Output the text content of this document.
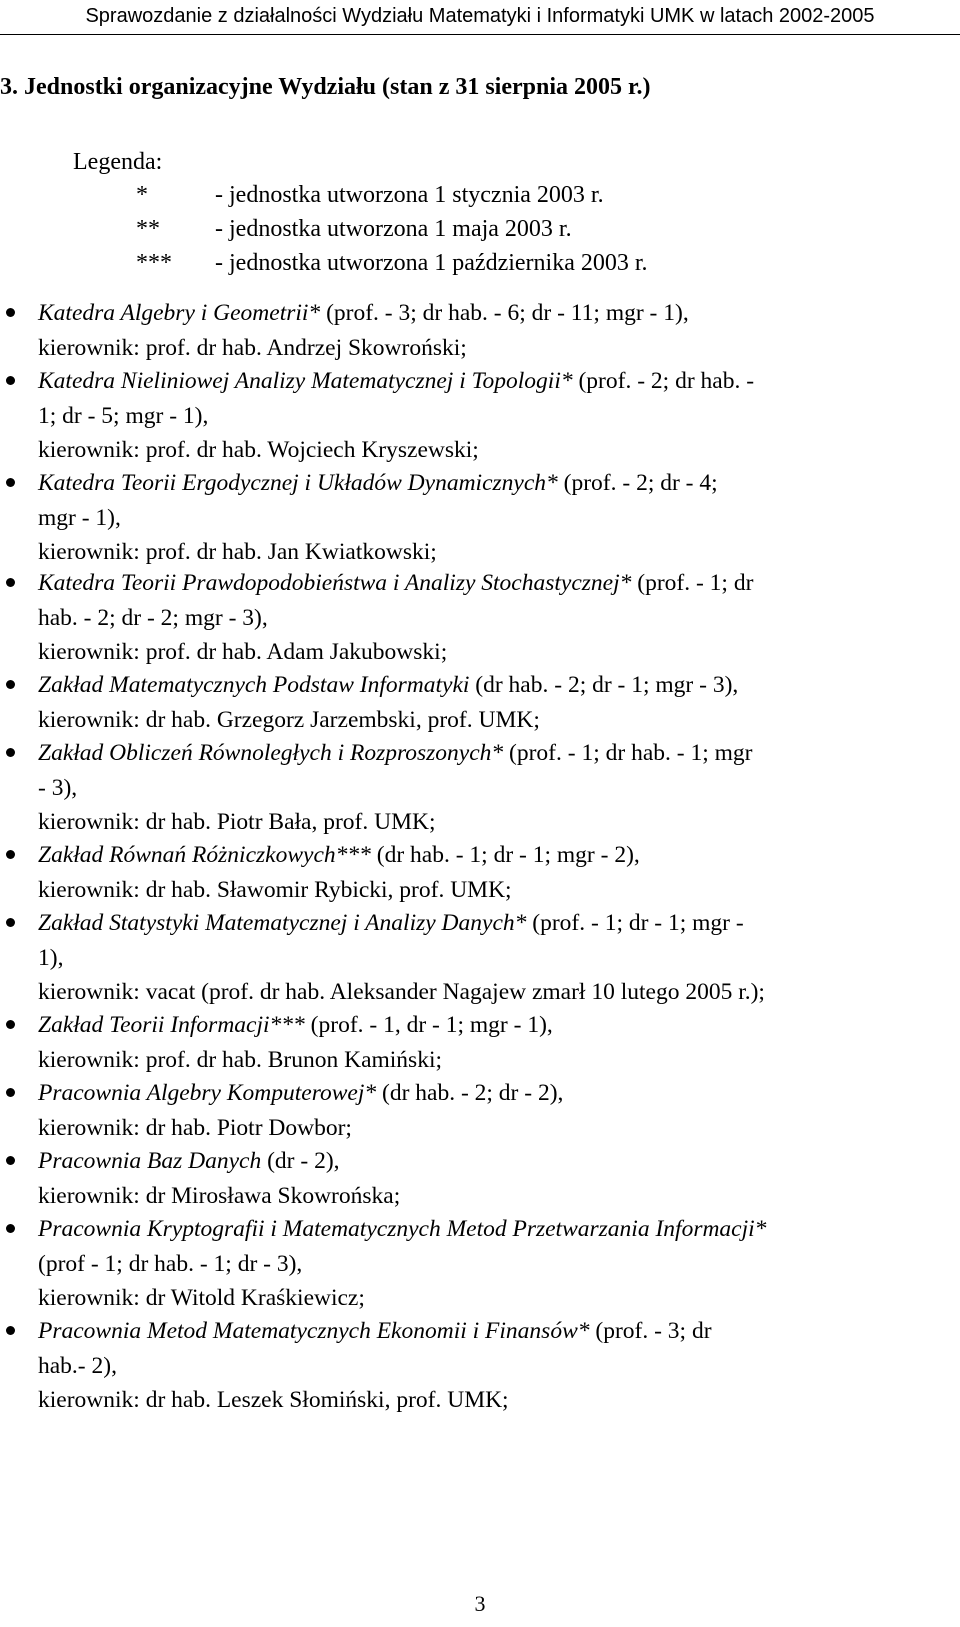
Sprawozdanie z działalności Wydziału Matematyki i Informatyki UMK w latach 2002-2005
3. Jednostki organizacyjne Wydziału (stan z 31 sierpnia 2005 r.)
Legenda:
*	- jednostka utworzona 1 stycznia 2003 r.
** - jednostka utworzona 1 maja 2003 r.
*** - jednostka utworzona 1 października 2003 r.
Katedra Algebry i Geometrii* (prof. - 3; dr hab. - 6; dr - 11; mgr - 1),
kierownik: prof. dr hab. Andrzej Skowroński;
Katedra Nieliniowej Analizy Matematycznej i Topologii* (prof. - 2; dr hab. -
1; dr - 5; mgr - 1),
kierownik: prof. dr hab. Wojciech Kryszewski;
Katedra Teorii Ergodycznej i Układów Dynamicznych* (prof. - 2; dr - 4;
mgr - 1),
kierownik: prof. dr hab. Jan Kwiatkowski;
Katedra Teorii Prawdopodobieństwa i Analizy Stochastycznej* (prof. - 1; dr
hab. - 2; dr - 2; mgr - 3),
kierownik: prof. dr hab. Adam Jakubowski;
Zakład Matematycznych Podstaw Informatyki (dr hab. - 2; dr - 1; mgr - 3),
kierownik: dr hab. Grzegorz Jarzembski, prof. UMK;
Zakład Obliczeń Równoległych i Rozproszonych* (prof. - 1; dr hab. - 1; mgr
- 3),
kierownik: dr hab. Piotr Bała, prof. UMK;
Zakład Równań Różniczkowych*** (dr hab. - 1; dr - 1; mgr - 2),
kierownik: dr hab. Sławomir Rybicki, prof. UMK;
Zakład Statystyki Matematycznej i Analizy Danych* (prof. - 1; dr - 1; mgr -
1),
kierownik: vacat (prof. dr hab. Aleksander Nagajew zmarł 10 lutego 2005 r.);
Zakład Teorii Informacji*** (prof. - 1, dr - 1; mgr - 1),
kierownik: prof. dr hab. Brunon Kamiński;
Pracownia Algebry Komputerowej* (dr hab. - 2; dr - 2),
kierownik: dr hab. Piotr Dowbor;
Pracownia Baz Danych (dr - 2),
kierownik: dr Mirosława Skowrońska;
Pracownia Kryptografii i Matematycznych Metod Przetwarzania Informacji*
(prof - 1; dr hab. - 1; dr - 3),
kierownik: dr Witold Kraśkiewicz;
Pracownia Metod Matematycznych Ekonomii i Finansów* (prof. - 3; dr
hab.- 2),
kierownik: dr hab. Leszek Słomiński, prof. UMK;
3
